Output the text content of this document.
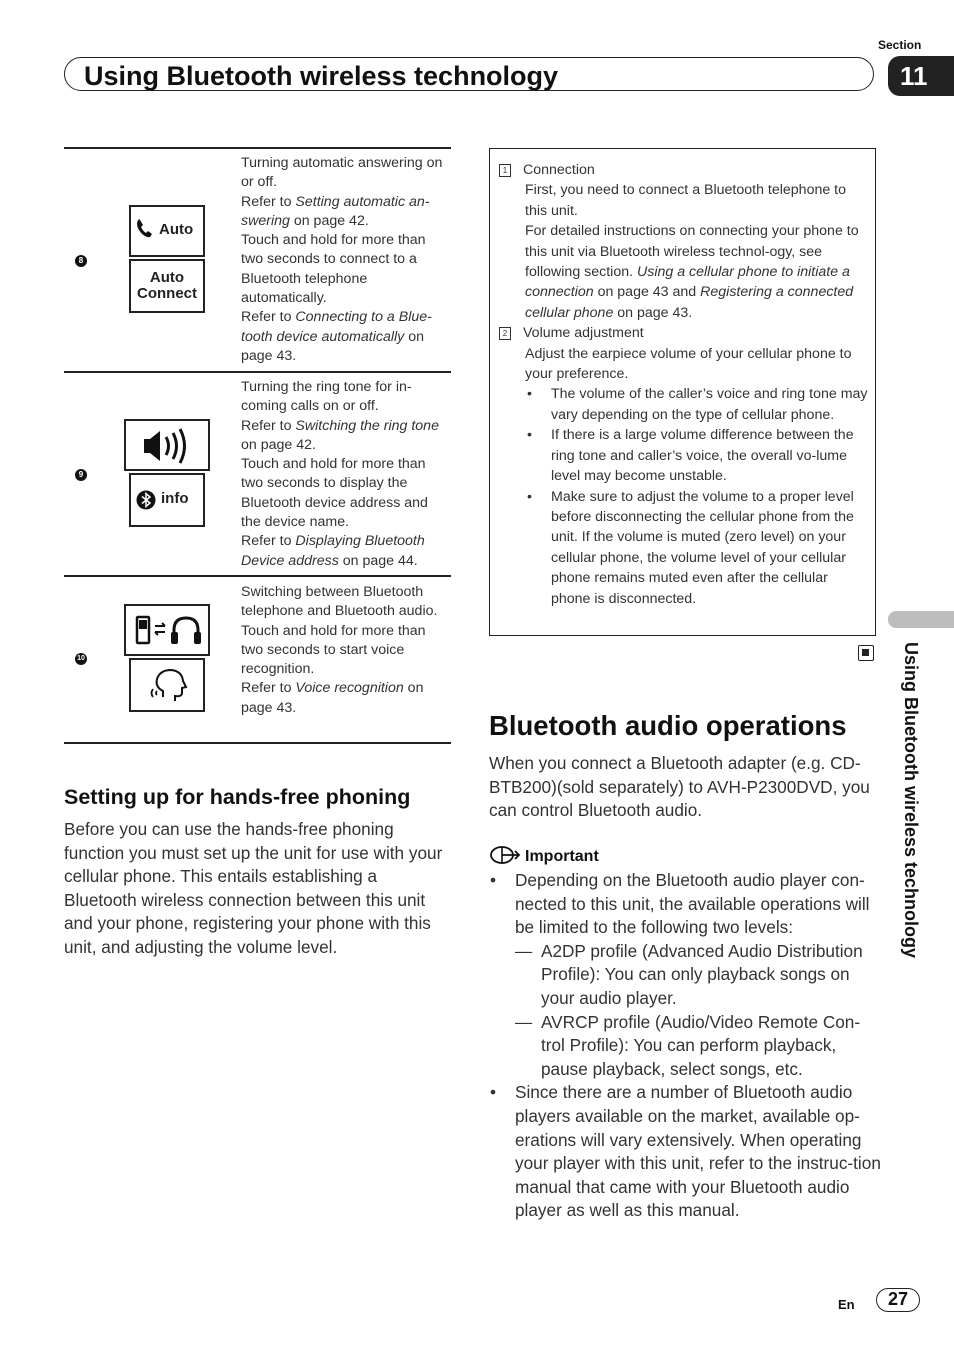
Using Bluetooth wireless technology
Section
11
Using Bluetooth wireless technology
8
Auto
Auto
Connect
Turning automatic answering on or off.
Refer to Setting automatic an-swering on page 42.
Touch and hold for more than two seconds to connect to a Bluetooth telephone automatically.
Refer to Connecting to a Blue-tooth device automatically on page 43.
9
info
Turning the ring tone for in-coming calls on or off.
Refer to Switching the ring tone on page 42.
Touch and hold for more than two seconds to display the Bluetooth device address and the device name.
Refer to Displaying Bluetooth Device address on page 44.
10
Switching between Bluetooth telephone and Bluetooth audio.
Touch and hold for more than two seconds to start voice recognition.
Refer to Voice recognition on page 43.
Setting up for hands-free phoning
Before you can use the hands-free phoning function you must set up the unit for use with your cellular phone. This entails establishing a Bluetooth wireless connection between this unit and your phone, registering your phone with this unit, and adjusting the volume level.
1 Connection
First, you need to connect a Bluetooth telephone to this unit.
For detailed instructions on connecting your phone to this unit via Bluetooth wireless technol-ogy, see following section. Using a cellular phone to initiate a connection on page 43 and Registering a connected cellular phone on page 43.
2 Volume adjustment
Adjust the earpiece volume of your cellular phone to your preference.
• The volume of the caller’s voice and ring tone may vary depending on the type of cellular phone.
• If there is a large volume difference between the ring tone and caller’s voice, the overall vo-lume level may become unstable.
• Make sure to adjust the volume to a proper level before disconnecting the cellular phone from the unit. If the volume is muted (zero level) on your cellular phone, the volume level of your cellular phone remains muted even after the cellular phone is disconnected.
Bluetooth audio operations
When you connect a Bluetooth adapter (e.g. CD-BTB200)(sold separately) to AVH-P2300DVD, you can control Bluetooth audio.
Important
• Depending on the Bluetooth audio player con-nected to this unit, the available operations will be limited to the following two levels:
— A2DP profile (Advanced Audio Distribution Profile): You can only playback songs on your audio player.
— AVRCP profile (Audio/Video Remote Con-trol Profile): You can perform playback, pause playback, select songs, etc.
• Since there are a number of Bluetooth audio players available on the market, available op-erations will vary extensively. When operating your player with this unit, refer to the instruc-tion manual that came with your Bluetooth audio player as well as this manual.
En	27
